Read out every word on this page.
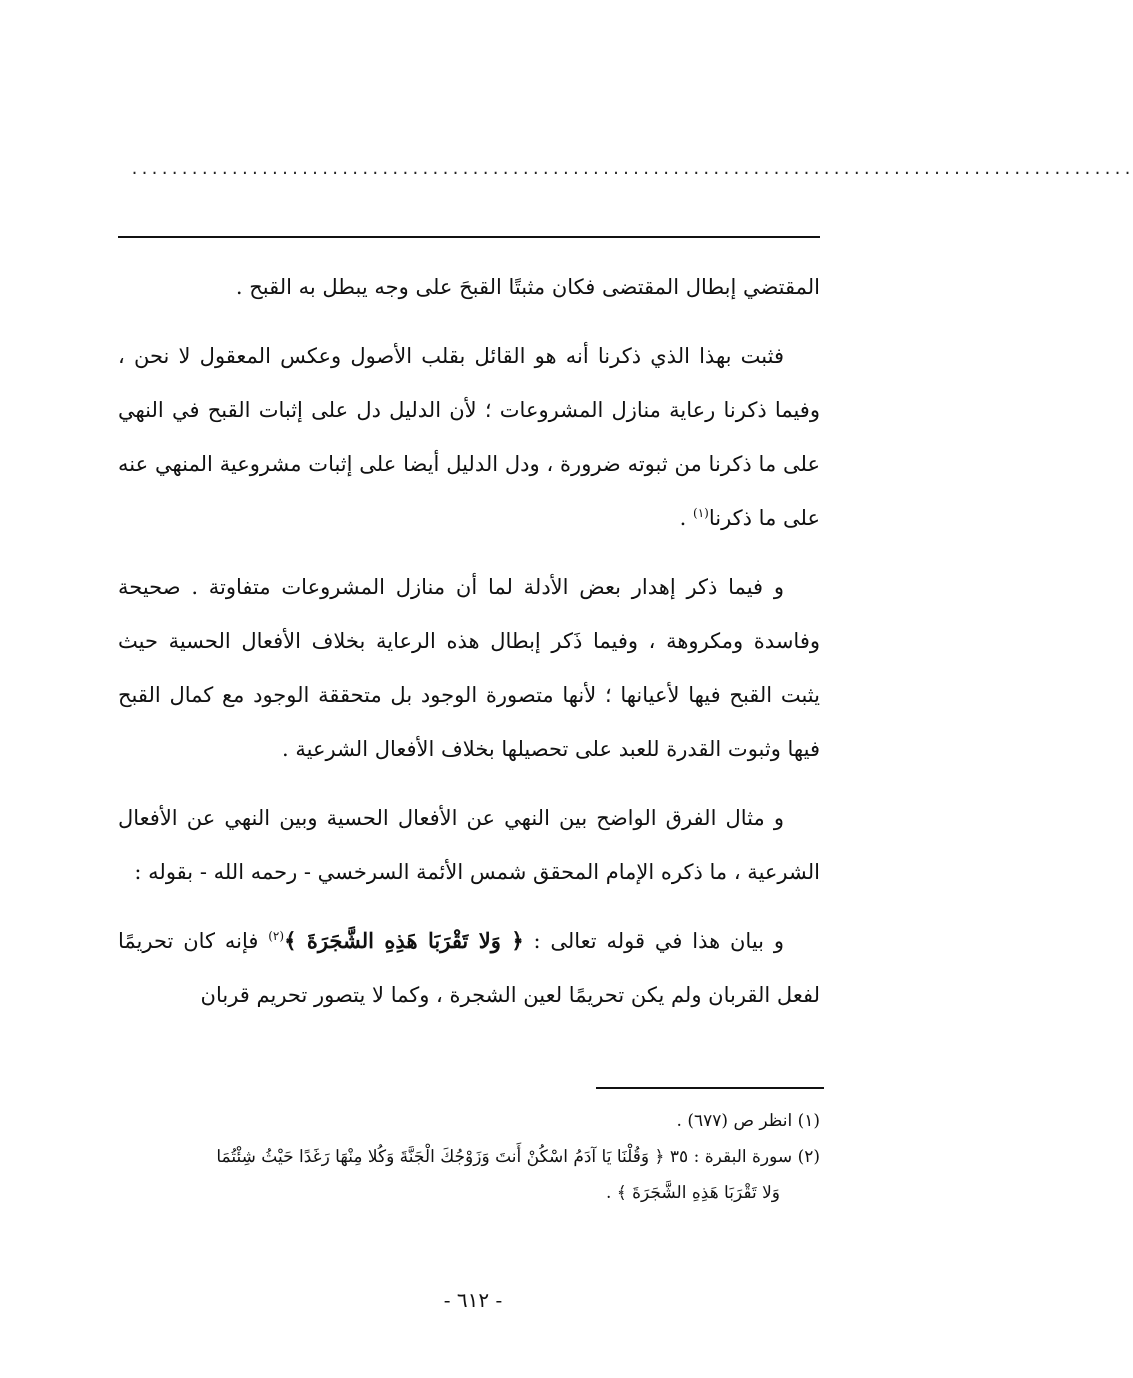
....................................................................................................

المقتضي إبطال المقتضى فكان مثبتًا القبحَ على وجه يبطل به القبح .

فثبت بهذا الذي ذكرنا أنه هو القائل بقلب الأصول وعكس المعقول لا نحن ، وفيما ذكرنا رعاية منازل المشروعات ؛ لأن الدليل دل على إثبات القبح في النهي على ما ذكرنا من ثبوته ضرورة ، ودل الدليل أيضا على إثبات مشروعية المنهي عنه على ما ذكرنا$^{(١)}$ .

و فيما ذكر إهدار بعض الأدلة لما أن منازل المشروعات متفاوتة . صحيحة وفاسدة ومكروهة ، وفيما ذَكر إبطال هذه الرعاية بخلاف الأفعال الحسية حيث يثبت القبح فيها لأعيانها ؛ لأنها متصورة الوجود بل متحققة الوجود مع كمال القبح فيها وثبوت القدرة للعبد على تحصيلها بخلاف الأفعال الشرعية .

و مثال الفرق الواضح بين النهي عن الأفعال الحسية وبين النهي عن الأفعال الشرعية ، ما ذكره الإمام المحقق شمس الأئمة السرخسي - رحمه الله - بقوله :

و بيان هذا في قوله تعالى : ﴿ وَلا تَقْرَبَا هَذِهِ الشَّجَرَةَ ﴾$^{(٢)}$ فإنه كان تحريمًا لفعل القربان ولم يكن تحريمًا لعين الشجرة ، وكما لا يتصور تحريم قربان

(١) انظر ص (٦٧٧) .

(٢) سورة البقرة : ٣٥ ﴿ وَقُلْنَا يَا آدَمُ اسْكُنْ أَنتَ وَزَوْجُكَ الْجَنَّةَ وَكُلا مِنْهَا رَغَدًا حَيْثُ شِئْتُمَا

وَلا تَقْرَبَا هَذِهِ الشَّجَرَةَ ﴾ .

- ٦١٢ -
